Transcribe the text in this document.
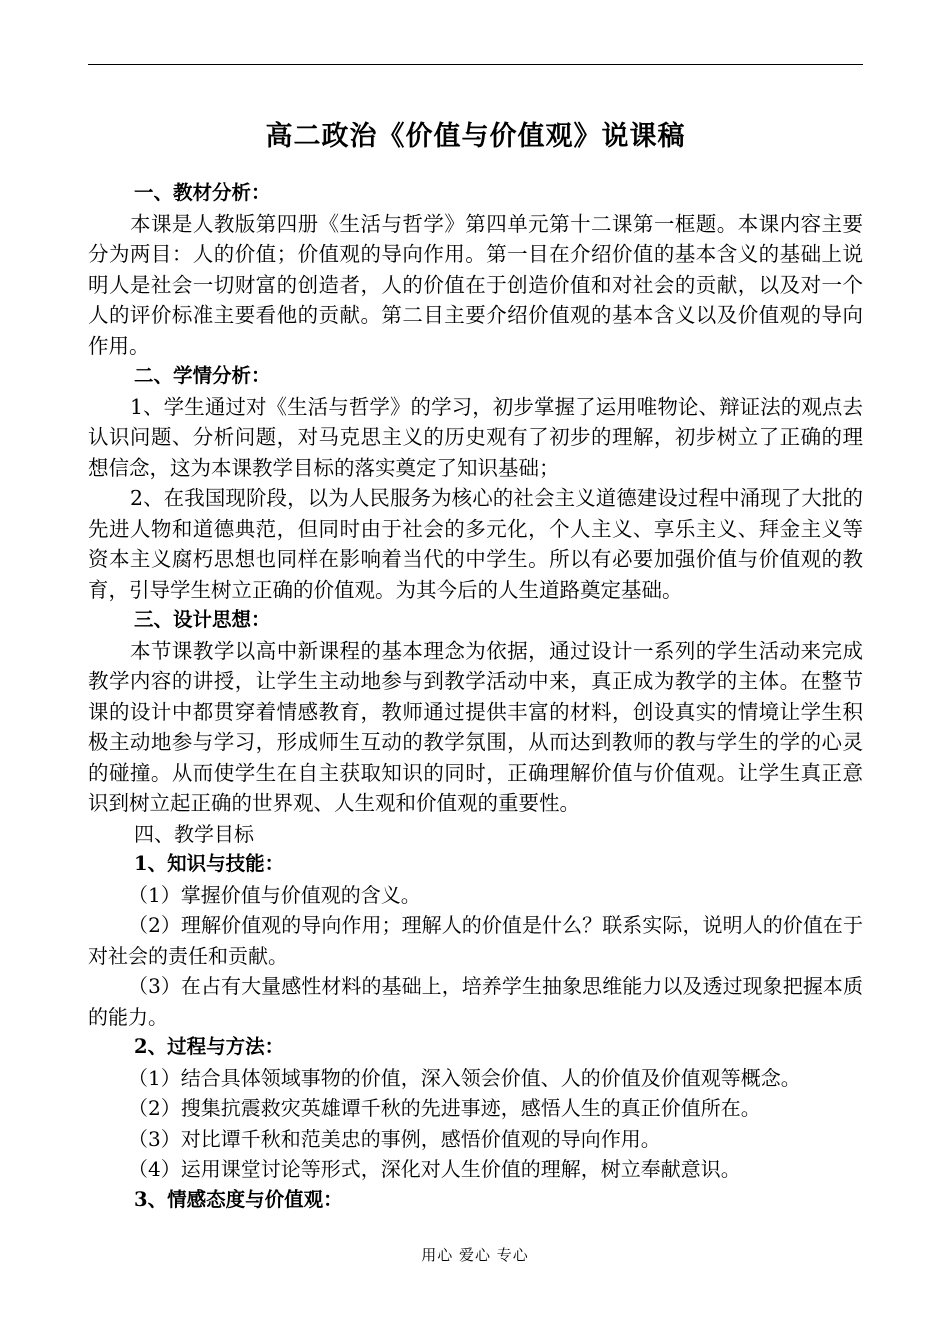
高二政治《价值与价值观》说课稿

一、教材分析：

本课是人教版第四册《生活与哲学》第四单元第十二课第一框题。本课内容主要分为两目：人的价值；价值观的导向作用。第一目在介绍价值的基本含义的基础上说明人是社会一切财富的创造者，人的价值在于创造价值和对社会的贡献，以及对一个人的评价标准主要看他的贡献。第二目主要介绍价值观的基本含义以及价值观的导向作用。

二、学情分析：

1、学生通过对《生活与哲学》的学习，初步掌握了运用唯物论、辩证法的观点去认识问题、分析问题，对马克思主义的历史观有了初步的理解，初步树立了正确的理想信念，这为本课教学目标的落实奠定了知识基础；

2、在我国现阶段，以为人民服务为核心的社会主义道德建设过程中涌现了大批的先进人物和道德典范，但同时由于社会的多元化，个人主义、享乐主义、拜金主义等资本主义腐朽思想也同样在影响着当代的中学生。所以有必要加强价值与价值观的教育，引导学生树立正确的价值观。为其今后的人生道路奠定基础。

三、设计思想：

本节课教学以高中新课程的基本理念为依据，通过设计一系列的学生活动来完成教学内容的讲授，让学生主动地参与到教学活动中来，真正成为教学的主体。在整节课的设计中都贯穿着情感教育，教师通过提供丰富的材料，创设真实的情境让学生积极主动地参与学习，形成师生互动的教学氛围，从而达到教师的教与学生的学的心灵的碰撞。从而使学生在自主获取知识的同时，正确理解价值与价值观。让学生真正意识到树立起正确的世界观、人生观和价值观的重要性。

四、教学目标

1、知识与技能：

（1）掌握价值与价值观的含义。

（2）理解价值观的导向作用；理解人的价值是什么？联系实际，说明人的价值在于对社会的责任和贡献。

（3）在占有大量感性材料的基础上，培养学生抽象思维能力以及透过现象把握本质的能力。

2、过程与方法：

（1）结合具体领域事物的价值，深入领会价值、人的价值及价值观等概念。

（2）搜集抗震救灾英雄谭千秋的先进事迹，感悟人生的真正价值所在。

（3）对比谭千秋和范美忠的事例，感悟价值观的导向作用。

（4）运用课堂讨论等形式，深化对人生价值的理解，树立奉献意识。

3、情感态度与价值观：

用心 爱心 专心
